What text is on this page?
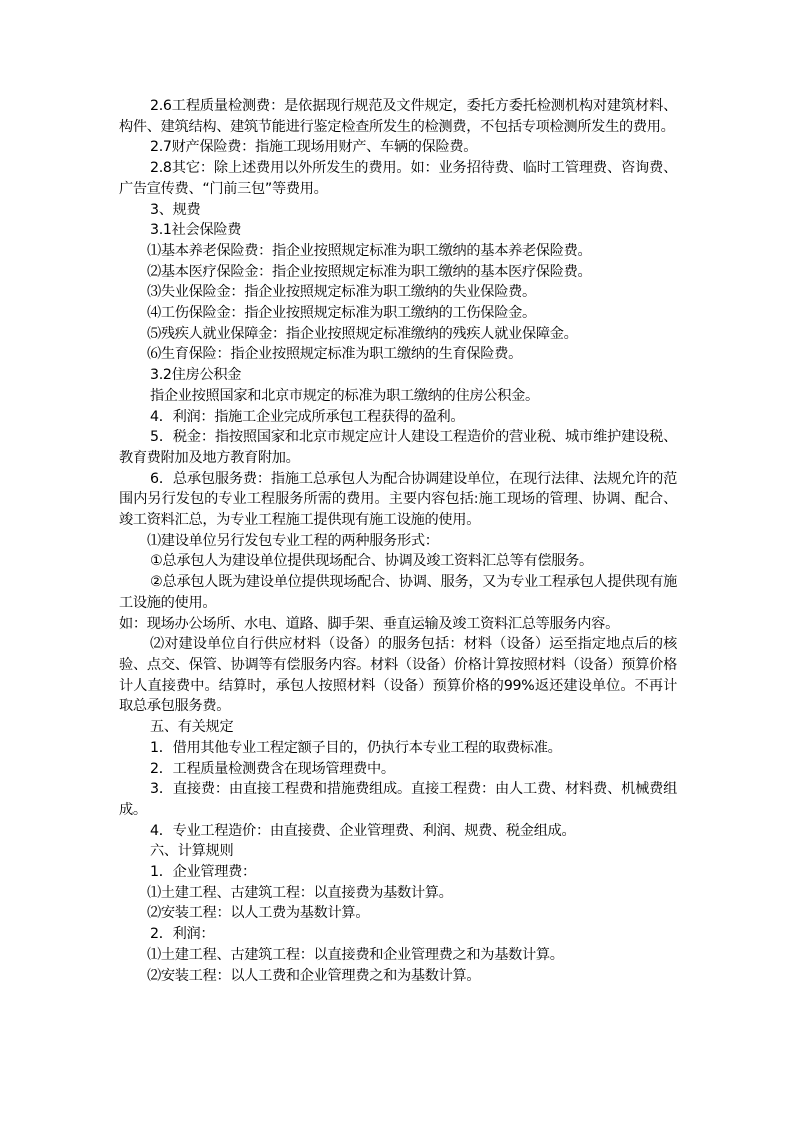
2.6工程质量检测费：是依据现行规范及文件规定，委托方委托检测机构对建筑材料、构件、建筑结构、建筑节能进行鉴定检查所发生的检测费，不包括专项检测所发生的费用。

2.7财产保险费：指施工现场用财产、车辆的保险费。

2.8其它：除上述费用以外所发生的费用。如：业务招待费、临时工管理费、咨询费、广告宣传费、“门前三包”等费用。

3、规费

3.1社会保险费

⑴基本养老保险费：指企业按照规定标准为职工缴纳的基本养老保险费。

⑵基本医疗保险金：指企业按照规定标准为职工缴纳的基本医疗保险费。

⑶失业保险金：指企业按照规定标准为职工缴纳的失业保险费。

⑷工伤保险金：指企业按照规定标准为职工缴纳的工伤保险金。

⑸残疾人就业保障金：指企业按照规定标准缴纳的残疾人就业保障金。

⑹生育保险：指企业按照规定标准为职工缴纳的生育保险费。

3.2住房公积金

指企业按照国家和北京市规定的标准为职工缴纳的住房公积金。

4．利润：指施工企业完成所承包工程获得的盈利。

5．税金：指按照国家和北京市规定应计人建设工程造价的营业税、城市维护建设税、教育费附加及地方教育附加。

6．总承包服务费：指施工总承包人为配合协调建设单位，在现行法律、法规允许的范围内另行发包的专业工程服务所需的费用。主要内容包括:施工现场的管理、协调、配合、竣工资料汇总，为专业工程施工提供现有施工设施的使用。

⑴建设单位另行发包专业工程的两种服务形式：

①总承包人为建设单位提供现场配合、协调及竣工资料汇总等有偿服务。

②总承包人既为建设单位提供现场配合、协调、服务，又为专业工程承包人提供现有施工设施的使用。

如：现场办公场所、水电、道路、脚手架、垂直运输及竣工资料汇总等服务内容。

⑵对建设单位自行供应材料（设备）的服务包括：材料（设备）运至指定地点后的核验、点交、保管、协调等有偿服务内容。材料（设备）价格计算按照材料（设备）预算价格计人直接费中。结算时，承包人按照材料（设备）预算价格的99%返还建设单位。不再计取总承包服务费。

五、有关规定

1．借用其他专业工程定额子目的，仍执行本专业工程的取费标准。

2．工程质量检测费含在现场管理费中。

3．直接费：由直接工程费和措施费组成。直接工程费：由人工费、材料费、机械费组成。

4．专业工程造价：由直接费、企业管理费、利润、规费、税金组成。

六、计算规则

1．企业管理费：

⑴土建工程、古建筑工程：以直接费为基数计算。

⑵安装工程：以人工费为基数计算。

2．利润：

⑴土建工程、古建筑工程：以直接费和企业管理费之和为基数计算。

⑵安装工程：以人工费和企业管理费之和为基数计算。
